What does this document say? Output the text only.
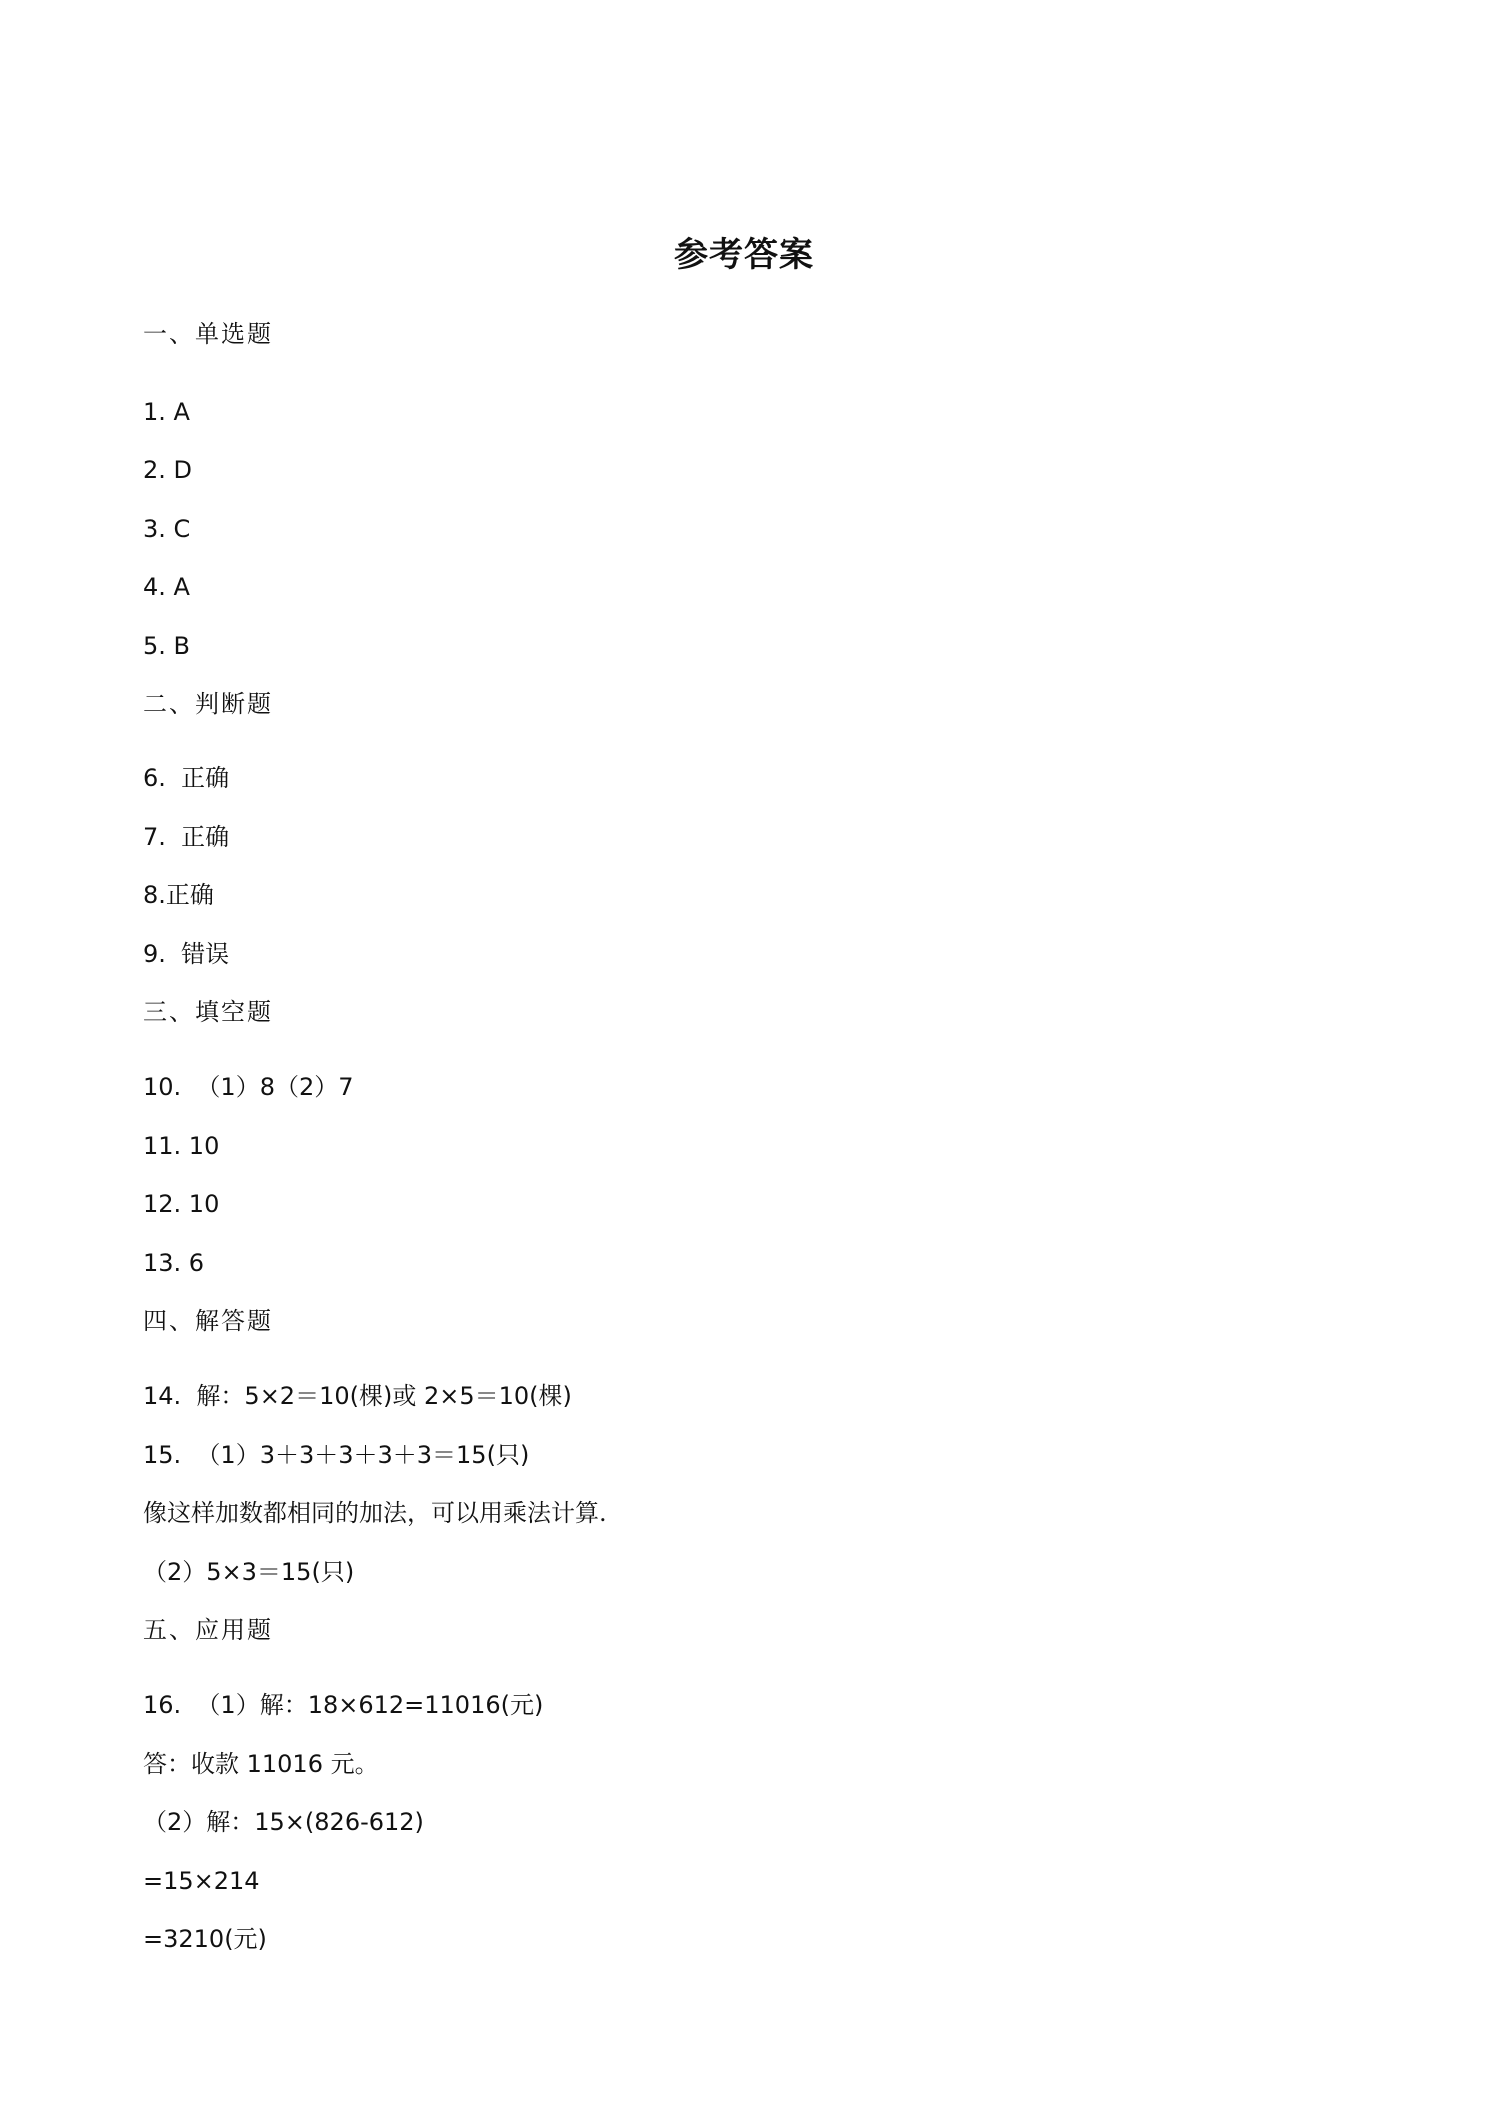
参考答案
一、单选题
1. A
2. D
3. C
4. A
5. B
二、判断题
6.  正确
7.  正确
8.正确
9.  错误
三、填空题
10.  （1）8（2）7
11. 10
12. 10
13. 6
四、解答题
14.  解：5×2＝10(棵)或 2×5＝10(棵)
15.  （1）3＋3＋3＋3＋3＝15(只)
像这样加数都相同的加法，可以用乘法计算.
（2）5×3＝15(只)
五、应用题
16.  （1）解：18×612=11016(元)
答：收款 11016 元。
（2）解：15×(826-612)
=15×214
=3210(元)
